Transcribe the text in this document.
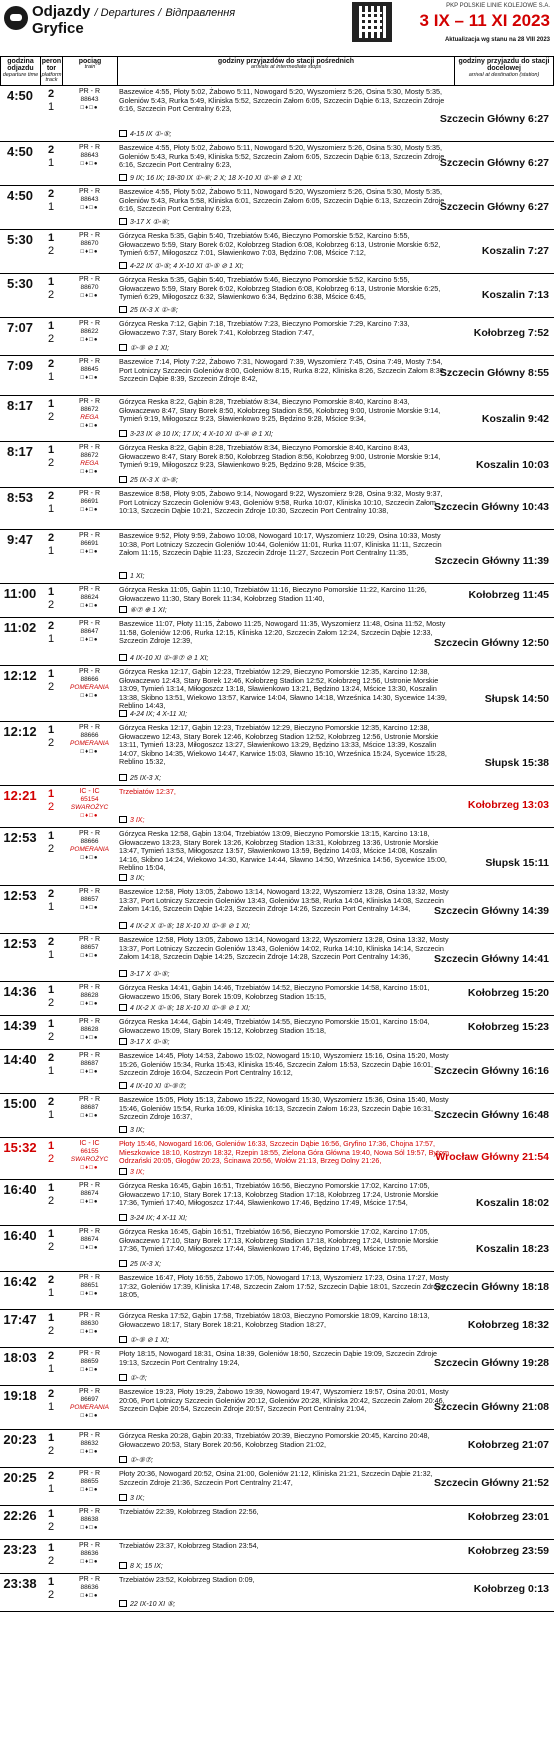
Odjazdy / Departures / Відправлення
Gryfice
PKP POLSKIE LINIE KOLEJOWE S.A.
3 IX – 11 XI 2023
Aktualizacja wg stanu na 28 VIII 2023
godzina odjazdu
departure time
peron tor
platform track
pociąg
train
godziny przyjazdów do stacji pośrednich
arrivals at intermediate stops
godziny przyjazdu do stacji docelowej
arrival at destination (station)
4:50	2
1
PR - R
88643
□♦□●
Baszewice 4:55, Płoty 5:02, Żabowo 5:11, Nowogard 5:20, Wyszomierz 5:26, Osina 5:30, Mosty 5:35, Goleniów 5:43, Rurka 5:49, Kliniska 5:52, Szczecin Załom 6:05, Szczecin Dąbie 6:13, Szczecin Zdroje 6:16, Szczecin Port Centralny 6:23,
Szczecin Główny 6:27
4-15 IX ①-⑤;
4:50	2
1
PR - R
88643
□♦□●
Baszewice 4:55, Płoty 5:02, Żabowo 5:11, Nowogard 5:20, Wyszomierz 5:26, Osina 5:30, Mosty 5:35, Goleniów 5:43, Rurka 5:49, Kliniska 5:52, Szczecin Załom 6:05, Szczecin Dąbie 6:13, Szczecin Zdroje 6:16, Szczecin Port Centralny 6:23,	Szczecin Główny 6:27
9 IX; 16 IX; 18-30 IX ①-⑥; 2 X; 18 X-10 XI ①-⑥ ⊘ 1 XI;
4:50	2
1
PR - R
88643
□♦□●
Baszewice 4:55, Płoty 5:02, Żabowo 5:11, Nowogard 5:20, Wyszomierz 5:26, Osina 5:30, Mosty 5:35, Goleniów 5:43, Rurka 5:58, Kliniska 6:01, Szczecin Załom 6:05, Szczecin Dąbie 6:13, Szczecin Zdroje 6:16, Szczecin Port Centralny 6:23,	Szczecin Główny 6:27
3-17 X ①-⑥;
5:30	1
2
PR - R
88670
□♦□●
Górzyca Reska 5:35, Gąbin 5:40, Trzebiatów 5:46, Bieczyno Pomorskie 5:52, Karcino 5:55, Głowaczewo 5:59, Stary Borek 6:02, Kołobrzeg Stadion 6:08, Kołobrzeg 6:13, Ustronie Morskie 6:52, Tymień 6:57, Miłogoszcz 7:01, Sławienkowo 7:03, Będzino 7:08, Mścice 7:12,	Koszalin 7:27
4-22 IX ①-⑤; 4 X-10 XI ①-⑤ ⊘ 1 XI;
5:30	1
2
PR - R
88670
□♦□●
Górzyca Reska 5:35, Gąbin 5:40, Trzebiatów 5:46, Bieczyno Pomorskie 5:52, Karcino 5:55, Głowaczewo 5:59, Stary Borek 6:02, Kołobrzeg Stadion 6:08, Kołobrzeg 6:13, Ustronie Morskie 6:25, Tymień 6:29, Miłogoszcz 6:32, Sławienkowo 6:34, Będzino 6:38, Mścice 6:45,	Koszalin 7:13
25 IX-3 X ①-⑤;
7:07	1
2
PR - R
88622
□♦□●
Górzyca Reska 7:12, Gąbin 7:18, Trzebiatów 7:23, Bieczyno Pomorskie 7:29, Karcino 7:33, Głowaczewo 7:37, Stary Borek 7:41, Kołobrzeg Stadion 7:47,	Kołobrzeg 7:52
①-⑤ ⊘ 1 XI;
7:09	2
1
PR - R
88645
□♦□●
Baszewice 7:14, Płoty 7:22, Żabowo 7:31, Nowogard 7:39, Wyszomierz 7:45, Osina 7:49, Mosty 7:54, Port Lotniczy Szczecin Goleniów 8:00, Goleniów 8:15, Rurka 8:22, Kliniska 8:26, Szczecin Załom 8:30, Szczecin Dąbie 8:39, Szczecin Zdroje 8:42,	Szczecin Główny 8:55
8:17	1
2
PR - R
88672
REGA
□♦□●
Górzyca Reska 8:22, Gąbin 8:28, Trzebiatów 8:34, Bieczyno Pomorskie 8:40, Karcino 8:43, Głowaczewo 8:47, Stary Borek 8:50, Kołobrzeg Stadion 8:56, Kołobrzeg 9:00, Ustronie Morskie 9:14, Tymień 9:19, Miłogoszcz 9:23, Sławienkowo 9:25, Będzino 9:28, Mścice 9:34,	Koszalin 9:42
3-23 IX ⊘ 10 IX; 17 IX; 4 X-10 XI ①-⑥ ⊘ 1 XI;
8:17	1
2
PR - R
88672
REGA
□♦□●
Górzyca Reska 8:22, Gąbin 8:28, Trzebiatów 8:34, Bieczyno Pomorskie 8:40, Karcino 8:43, Głowaczewo 8:47, Stary Borek 8:50, Kołobrzeg Stadion 8:56, Kołobrzeg 9:00, Ustronie Morskie 9:14, Tymień 9:19, Miłogoszcz 9:23, Sławienkowo 9:25, Będzino 9:28, Mścice 9:35,	Koszalin 10:03
25 IX-3 X ①-⑤;
8:53	2
1
PR - R
86691
□♦□●
Baszewice 8:58, Płoty 9:05, Żabowo 9:14, Nowogard 9:22, Wyszomierz 9:28, Osina 9:32, Mosty 9:37, Port Lotniczy Szczecin Goleniów 9:43, Goleniów 9:58, Rurka 10:07, Kliniska 10:10, Szczecin Załom 10:13, Szczecin Dąbie 10:21, Szczecin Zdroje 10:30, Szczecin Port Centralny 10:38,	Szczecin Główny 10:43
9:47	2
1
PR - R
86691
□♦□●
Baszewice 9:52, Płoty 9:59, Żabowo 10:08, Nowogard 10:17, Wyszomierz 10:29, Osina 10:33, Mosty 10:38, Port Lotniczy Szczecin Goleniów 10:44, Goleniów 11:01, Rurka 11:07, Kliniska 11:11, Szczecin Załom 11:15, Szczecin Dąbie 11:23, Szczecin Zdroje 11:27, Szczecin Port Centralny 11:35,
Szczecin Główny 11:39
1 XI;
11:00	1
2
PR - R
88624
□♦□●
Górzyca Reska 11:05, Gąbin 11:10, Trzebiatów 11:16, Bieczyno Pomorskie 11:22, Karcino 11:26, Głowaczewo 11:30, Stary Borek 11:34, Kołobrzeg Stadion 11:40,	Kołobrzeg 11:45
⑥⑦ ⊕ 1 XI;
11:02	2
1
PR - R
88647
□♦□●
Baszewice 11:07, Płoty 11:15, Żabowo 11:25, Nowogard 11:35, Wyszomierz 11:48, Osina 11:52, Mosty 11:58, Goleniów 12:06, Rurka 12:15, Kliniska 12:20, Szczecin Załom 12:24, Szczecin Dąbie 12:33, Szczecin Zdroje 12:39,	Szczecin Główny 12:50
4 IX-10 XI ①-⑤⑦ ⊘ 1 XI;
12:12	1
2
PR - R
88666
POMERANIA
□♦□●
Górzyca Reska 12:17, Gąbin 12:23, Trzebiatów 12:29, Bieczyno Pomorskie 12:35, Karcino 12:38, Głowaczewo 12:43, Stary Borek 12:46, Kołobrzeg Stadion 12:52, Kołobrzeg 12:56, Ustronie Morskie 13:09, Tymień 13:14, Miłogoszcz 13:18, Sławienkowo 13:21, Będzino 13:24, Mścice 13:30, Koszalin 13:38, Skibno 13:51, Wiekowo 13:57, Karwice 14:04, Sławno 14:18, Wrześnica 14:30, Sycewice 14:39, Reblino 14:43,
Słupsk 14:50
4-24 IX; 4 X-11 XI;
12:12	1
2
PR - R
88666
POMERANIA
□♦□●
Górzyca Reska 12:17, Gąbin 12:23, Trzebiatów 12:29, Bieczyno Pomorskie 12:35, Karcino 12:38, Głowaczewo 12:43, Stary Borek 12:46, Kołobrzeg Stadion 12:52, Kołobrzeg 12:56, Ustronie Morskie 13:11, Tymień 13:23, Miłogoszcz 13:27, Sławienkowo 13:29, Będzino 13:33, Mścice 13:39, Koszalin 14:07, Skibno 14:35, Wiekowo 14:47, Karwice 15:03, Sławno 15:10, Wrześnica 15:24, Sycewice 15:28, Reblino 15:32,	Słupsk 15:38
25 IX-3 X;
12:21	1
2
IC - IC
65154
SWAROŻYC
□♦□●
Trzebiatów 12:37,
Kołobrzeg 13:03
3 IX;
12:53	1
2
PR - R
88666
POMERANIA
□♦□●
Górzyca Reska 12:58, Gąbin 13:04, Trzebiatów 13:09, Bieczyno Pomorskie 13:15, Karcino 13:18, Głowaczewo 13:23, Stary Borek 13:26, Kołobrzeg Stadion 13:31, Kołobrzeg 13:36, Ustronie Morskie 13:47, Tymień 13:53, Miłogoszcz 13:57, Sławienkowo 13:59, Będzino 14:03, Mścice 14:08, Koszalin 14:16, Skibno 14:24, Wiekowo 14:30, Karwice 14:44, Sławno 14:50, Wrześnica 14:56, Sycewice 15:00, Reblino 15:04,	Słupsk 15:11
3 IX;
12:53	2
1
PR - R
88657
□♦□●
Baszewice 12:58, Płoty 13:05, Żabowo 13:14, Nowogard 13:22, Wyszomierz 13:28, Osina 13:32, Mosty 13:37, Port Lotniczy Szczecin Goleniów 13:43, Goleniów 13:58, Rurka 14:04, Kliniska 14:08, Szczecin Załom 14:16, Szczecin Dąbie 14:23, Szczecin Zdroje 14:26, Szczecin Port Centralny 14:34,	Szczecin Główny 14:39
4 IX-2 X ①-⑤; 18 X-10 XI ①-⑤ ⊘ 1 XI;
12:53	2
1
PR - R
88657
□♦□●
Baszewice 12:58, Płoty 13:05, Żabowo 13:14, Nowogard 13:22, Wyszomierz 13:28, Osina 13:32, Mosty 13:37, Port Lotniczy Szczecin Goleniów 13:43, Goleniów 14:02, Rurka 14:10, Kliniska 14:14, Szczecin Załom 14:18, Szczecin Dąbie 14:25, Szczecin Zdroje 14:28, Szczecin Port Centralny 14:36,	Szczecin Główny 14:41
3-17 X ①-⑤;
14:36	1
2
PR - R
88628
□♦□●
Górzyca Reska 14:41, Gąbin 14:46, Trzebiatów 14:52, Bieczyno Pomorskie 14:58, Karcino 15:01, Głowaczewo 15:06, Stary Borek 15:09, Kołobrzeg Stadion 15:15,	Kołobrzeg 15:20
4 IX-2 X ①-⑤; 18 X-10 XI ①-⑤ ⊘ 1 XI;
14:39	1
2
PR - R
88628
□♦□●
Górzyca Reska 14:44, Gąbin 14:49, Trzebiatów 14:55, Bieczyno Pomorskie 15:01, Karcino 15:04, Głowaczewo 15:09, Stary Borek 15:12, Kołobrzeg Stadion 15:18,	Kołobrzeg 15:23
3-17 X ①-⑤;
14:40	2
1
PR - R
88687
□♦□●
Baszewice 14:45, Płoty 14:53, Żabowo 15:02, Nowogard 15:10, Wyszomierz 15:16, Osina 15:20, Mosty 15:26, Goleniów 15:34, Rurka 15:43, Kliniska 15:46, Szczecin Załom 15:53, Szczecin Dąbie 16:01, Szczecin Zdroje 16:04, Szczecin Port Centralny 16:12,	Szczecin Główny 16:16
4 IX-10 XI ①-⑤⑦;
15:00	2
1
PR - R
88687
□♦□●
Baszewice 15:05, Płoty 15:13, Żabowo 15:22, Nowogard 15:30, Wyszomierz 15:36, Osina 15:40, Mosty 15:46, Goleniów 15:54, Rurka 16:09, Kliniska 16:13, Szczecin Załom 16:23, Szczecin Dąbie 16:31, Szczecin Zdroje 16:37,	Szczecin Główny 16:48
3 IX;
15:32	1
2
IC - IC
66155
SWAROŻYC
□♦□●
Płoty 15:46, Nowogard 16:06, Goleniów 16:33, Szczecin Dąbie 16:56, Gryfino 17:36, Chojna 17:57, Mieszkowice 18:10, Kostrzyn 18:32, Rzepin 18:55, Zielona Góra Główna 19:40, Nowa Sól 19:57, Bytom Odrzański 20:05, Głogów 20:23, Ścinawa 20:56, Wołów 21:13, Brzeg Dolny 21:26,	Wrocław Główny 21:54
3 IX;
16:40	1
2
PR - R
88674
□♦□●
Górzyca Reska 16:45, Gąbin 16:51, Trzebiatów 16:56, Bieczyno Pomorskie 17:02, Karcino 17:05, Głowaczewo 17:10, Stary Borek 17:13, Kołobrzeg Stadion 17:18, Kołobrzeg 17:24, Ustronie Morskie 17:36, Tymień 17:40, Miłogoszcz 17:44, Sławienkowo 17:46, Będzino 17:49, Mścice 17:54,	Koszalin 18:02
3-24 IX; 4 X-11 XI;
16:40	1
2
PR - R
88674
□♦□●
Górzyca Reska 16:45, Gąbin 16:51, Trzebiatów 16:56, Bieczyno Pomorskie 17:02, Karcino 17:05, Głowaczewo 17:10, Stary Borek 17:13, Kołobrzeg Stadion 17:18, Kołobrzeg 17:24, Ustronie Morskie 17:36, Tymień 17:40, Miłogoszcz 17:44, Sławienkowo 17:46, Będzino 17:49, Mścice 17:55,	Koszalin 18:23
25 IX-3 X;
16:42	2
1
PR - R
88651
□♦□●
Baszewice 16:47, Płoty 16:55, Żabowo 17:05, Nowogard 17:13, Wyszomierz 17:23, Osina 17:27, Mosty 17:32, Goleniów 17:39, Kliniska 17:48, Szczecin Załom 17:52, Szczecin Dąbie 18:01, Szczecin Zdroje 18:05,
Szczecin Główny 18:18
17:47	1
2
PR - R
88630
□♦□●
Górzyca Reska 17:52, Gąbin 17:58, Trzebiatów 18:03, Bieczyno Pomorskie 18:09, Karcino 18:13, Głowaczewo 18:17, Stary Borek 18:21, Kołobrzeg Stadion 18:27,	Kołobrzeg 18:32
①-⑤ ⊘ 1 XI;
18:03	2
1
PR - R
88659
□♦□●
Płoty 18:15, Nowogard 18:31, Osina 18:39, Goleniów 18:50, Szczecin Dąbie 19:09, Szczecin Zdroje 19:13, Szczecin Port Centralny 19:24,	Szczecin Główny 19:28
①-⑦;
19:18	2
1
PR - R
86697
POMERANIA
□♦□●
Baszewice 19:23, Płoty 19:29, Żabowo 19:39, Nowogard 19:47, Wyszomierz 19:57, Osina 20:01, Mosty 20:06, Port Lotniczy Szczecin Goleniów 20:12, Goleniów 20:28, Kliniska 20:42, Szczecin Załom 20:46, Szczecin Dąbie 20:54, Szczecin Zdroje 20:57, Szczecin Port Centralny 21:04,	Szczecin Główny 21:08
20:23	1
2
PR - R
88632
□♦□●
Górzyca Reska 20:28, Gąbin 20:33, Trzebiatów 20:39, Bieczyno Pomorskie 20:45, Karcino 20:48, Głowaczewo 20:53, Stary Borek 20:56, Kołobrzeg Stadion 21:02,	Kołobrzeg 21:07
①-⑤⑦;
20:25	2
1
PR - R
88655
□♦□●
Płoty 20:36, Nowogard 20:52, Osina 21:00, Goleniów 21:12, Kliniska 21:21, Szczecin Dąbie 21:32, Szczecin Zdroje 21:36, Szczecin Port Centralny 21:47,	Szczecin Główny 21:52
3 IX;
22:26	1
2
PR - R
88638
□♦□●
Trzebiatów 22:39, Kołobrzeg Stadion 22:56,	Kołobrzeg 23:01
23:23	1
2
PR - R
88636
□♦□●
Trzebiatów 23:37, Kołobrzeg Stadion 23:54,	Kołobrzeg 23:59
8 X; 15 IX;
23:38	1
2
PR - R
88636
□♦□●
Trzebiatów 23:52, Kołobrzeg Stadion 0:09,
Kołobrzeg 0:13
22 IX-10 XI ⑤;
